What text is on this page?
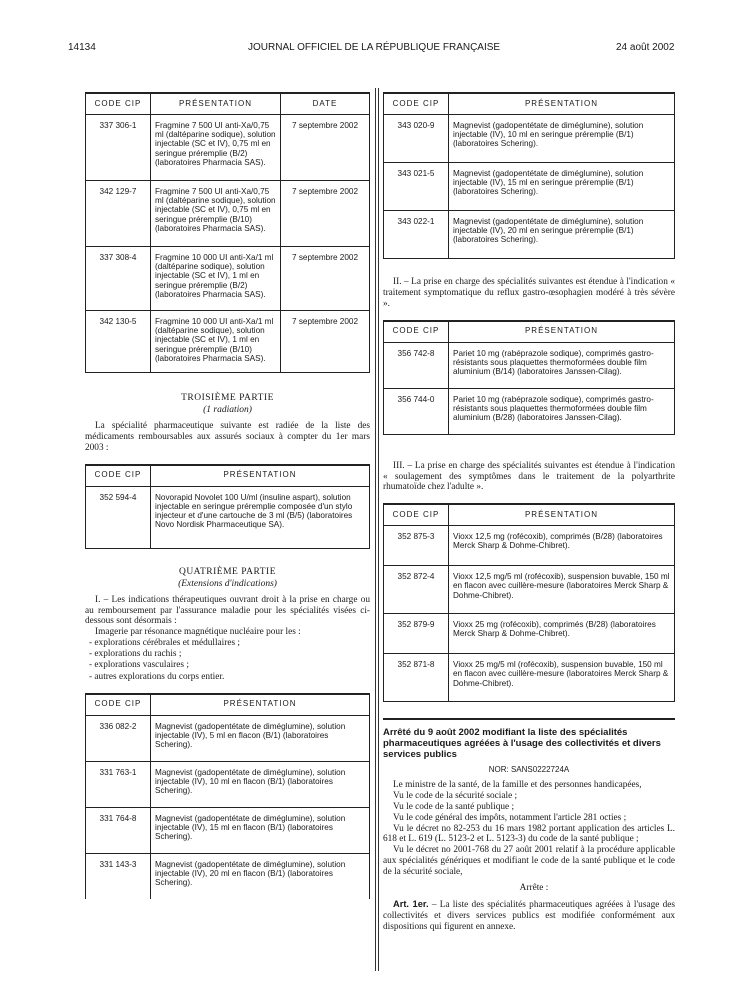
14134	JOURNAL OFFICIEL DE LA RÉPUBLIQUE FRANÇAISE	24 août 2002
CODE CIP	PRÉSENTATION	DATE
337 306-1	Fragmine 7 500 UI anti-Xa/0,75 ml (daltéparine sodique), solution injectable (SC et IV), 0,75 ml en seringue préremplie (B/2) (laboratoires Pharmacia SAS).	7 septembre 2002
342 129-7	Fragmine 7 500 UI anti-Xa/0,75 ml (daltéparine sodique), solution injectable (SC et IV), 0,75 ml en seringue préremplie (B/10) (laboratoires Pharmacia SAS).	7 septembre 2002
337 308-4	Fragmine 10 000 UI anti-Xa/1 ml (daltéparine sodique), solution injectable (SC et IV), 1 ml en seringue préremplie (B/2) (laboratoires Pharmacia SAS).	7 septembre 2002
342 130-5	Fragmine 10 000 UI anti-Xa/1 ml (daltéparine sodique), solution injectable (SC et IV), 1 ml en seringue préremplie (B/10) (laboratoires Pharmacia SAS).	7 septembre 2002
TROISIÈME PARTIE
(1 radiation)

La spécialité pharmaceutique suivante est radiée de la liste des médicaments remboursables aux assurés sociaux à compter du 1er mars 2003 :

CODE CIP	PRÉSENTATION
352 594-4	Novorapid Novolet 100 U/ml (insuline aspart), solution injectable en seringue préremplie composée d'un stylo injecteur et d'une cartouche de 3 ml (B/5) (laboratoires Novo Nordisk Pharmaceutique SA).
QUATRIÈME PARTIE
(Extensions d'indications)

I. – Les indications thérapeutiques ouvrant droit à la prise en charge ou au remboursement par l'assurance maladie pour les spécialités visées ci-dessous sont désormais :

Imagerie par résonance magnétique nucléaire pour les :

- explorations cérébrales et médullaires ;
- explorations du rachis ;
- explorations vasculaires ;
- autres explorations du corps entier.
CODE CIP	PRÉSENTATION
336 082-2	Magnevist (gadopentétate de diméglumine), solution injectable (IV), 5 ml en flacon (B/1) (laboratoires Schering).
331 763-1	Magnevist (gadopentétate de diméglumine), solution injectable (IV), 10 ml en flacon (B/1) (laboratoires Schering).
331 764-8	Magnevist (gadopentétate de diméglumine), solution injectable (IV), 15 ml en flacon (B/1) (laboratoires Schering).
331 143-3	Magnevist (gadopentétate de diméglumine), solution injectable (IV), 20 ml en flacon (B/1) (laboratoires Schering).
CODE CIP	PRÉSENTATION
343 020-9	Magnevist (gadopentétate de diméglumine), solution injectable (IV), 10 ml en seringue préremplie (B/1) (laboratoires Schering).
343 021-5	Magnevist (gadopentétate de diméglumine), solution injectable (IV), 15 ml en seringue préremplie (B/1) (laboratoires Schering).
343 022-1	Magnevist (gadopentétate de diméglumine), solution injectable (IV), 20 ml en seringue préremplie (B/1) (laboratoires Schering).

II. – La prise en charge des spécialités suivantes est étendue à l'indication « traitement symptomatique du reflux gastro-œsophagien modéré à très sévère ».

CODE CIP	PRÉSENTATION
356 742-8	Pariet 10 mg (rabéprazole sodique), comprimés gastro-résistants sous plaquettes thermoformées double film aluminium (B/14) (laboratoires Janssen-Cilag).
356 744-0	Pariet 10 mg (rabéprazole sodique), comprimés gastro-résistants sous plaquettes thermoformées double film aluminium (B/28) (laboratoires Janssen-Cilag).

III. – La prise en charge des spécialités suivantes est étendue à l'indication « soulagement des symptômes dans le traitement de la polyarthrite rhumatoïde chez l'adulte ».

CODE CIP	PRÉSENTATION
352 875-3	Vioxx 12,5 mg (rofécoxib), comprimés (B/28) (laboratoires Merck Sharp & Dohme-Chibret).
352 872-4	Vioxx 12,5 mg/5 ml (rofécoxib), suspension buvable, 150 ml en flacon avec cuillère-mesure (laboratoires Merck Sharp & Dohme-Chibret).
352 879-9	Vioxx 25 mg (rofécoxib), comprimés (B/28) (laboratoires Merck Sharp & Dohme-Chibret).
352 871-8	Vioxx 25 mg/5 ml (rofécoxib), suspension buvable, 150 ml en flacon avec cuillère-mesure (laboratoires Merck Sharp & Dohme-Chibret).
Arrêté du 9 août 2002 modifiant la liste des spécialités pharmaceutiques agréées à l'usage des collectivités et divers services publics
NOR: SANS0222724A

Le ministre de la santé, de la famille et des personnes handicapées,

Vu le code de la sécurité sociale ;

Vu le code de la santé publique ;

Vu le code général des impôts, notamment l'article 281 octies ;

Vu le décret no 82-253 du 16 mars 1982 portant application des articles L. 618 et L. 619 (L. 5123-2 et L. 5123-3) du code de la santé publique ;

Vu le décret no 2001-768 du 27 août 2001 relatif à la procédure applicable aux spécialités génériques et modifiant le code de la santé publique et le code de la sécurité sociale,

Arrête :

Art. 1er. – La liste des spécialités pharmaceutiques agréées à l'usage des collectivités et divers services publics est modifiée conformément aux dispositions qui figurent en annexe.
